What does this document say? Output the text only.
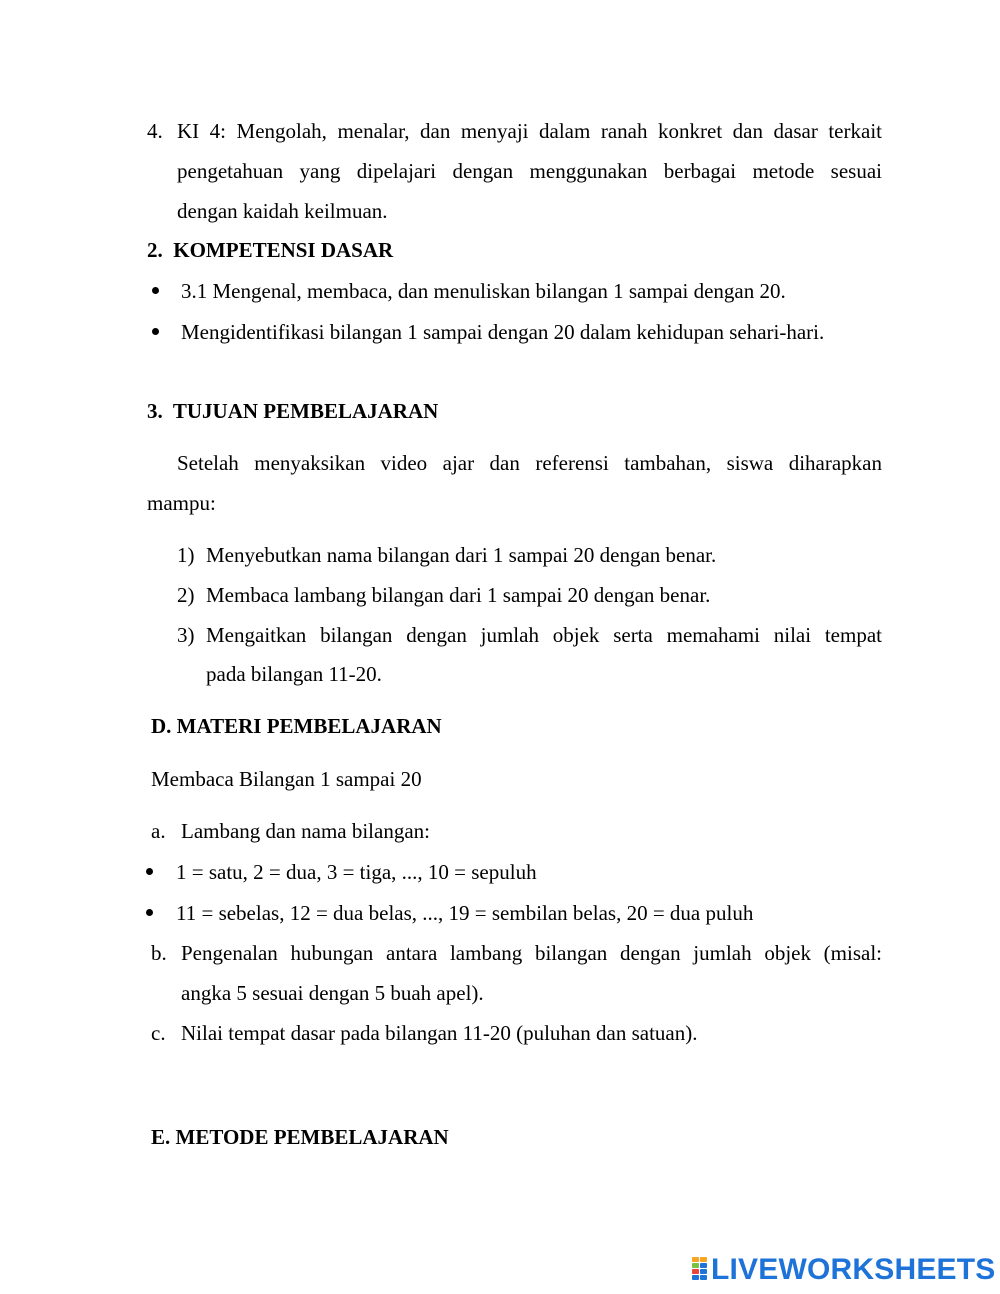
4. KI 4: Mengolah, menalar, dan menyaji dalam ranah konkret dan dasar terkait
pengetahuan yang dipelajari dengan menggunakan berbagai metode sesuai
dengan kaidah keilmuan.
2.  KOMPETENSI DASAR
3.1 Mengenal, membaca, dan menuliskan bilangan 1 sampai dengan 20.
Mengidentifikasi bilangan 1 sampai dengan 20 dalam kehidupan sehari-hari.
3.  TUJUAN PEMBELAJARAN
Setelah menyaksikan video ajar dan referensi tambahan, siswa diharapkan
mampu:
1) Menyebutkan nama bilangan dari 1 sampai 20 dengan benar.
2) Membaca lambang bilangan dari 1 sampai 20 dengan benar.
3) Mengaitkan bilangan dengan jumlah objek serta memahami nilai tempat
pada bilangan 11-20.
D. MATERI PEMBELAJARAN
Membaca Bilangan 1 sampai 20
a. Lambang dan nama bilangan:
1 = satu, 2 = dua, 3 = tiga, ..., 10 = sepuluh
11 = sebelas, 12 = dua belas, ..., 19 = sembilan belas, 20 = dua puluh
b. Pengenalan hubungan antara lambang bilangan dengan jumlah objek (misal:
angka 5 sesuai dengan 5 buah apel).
c. Nilai tempat dasar pada bilangan 11-20 (puluhan dan satuan).
E. METODE PEMBELAJARAN
LIVEWORKSHEETS
